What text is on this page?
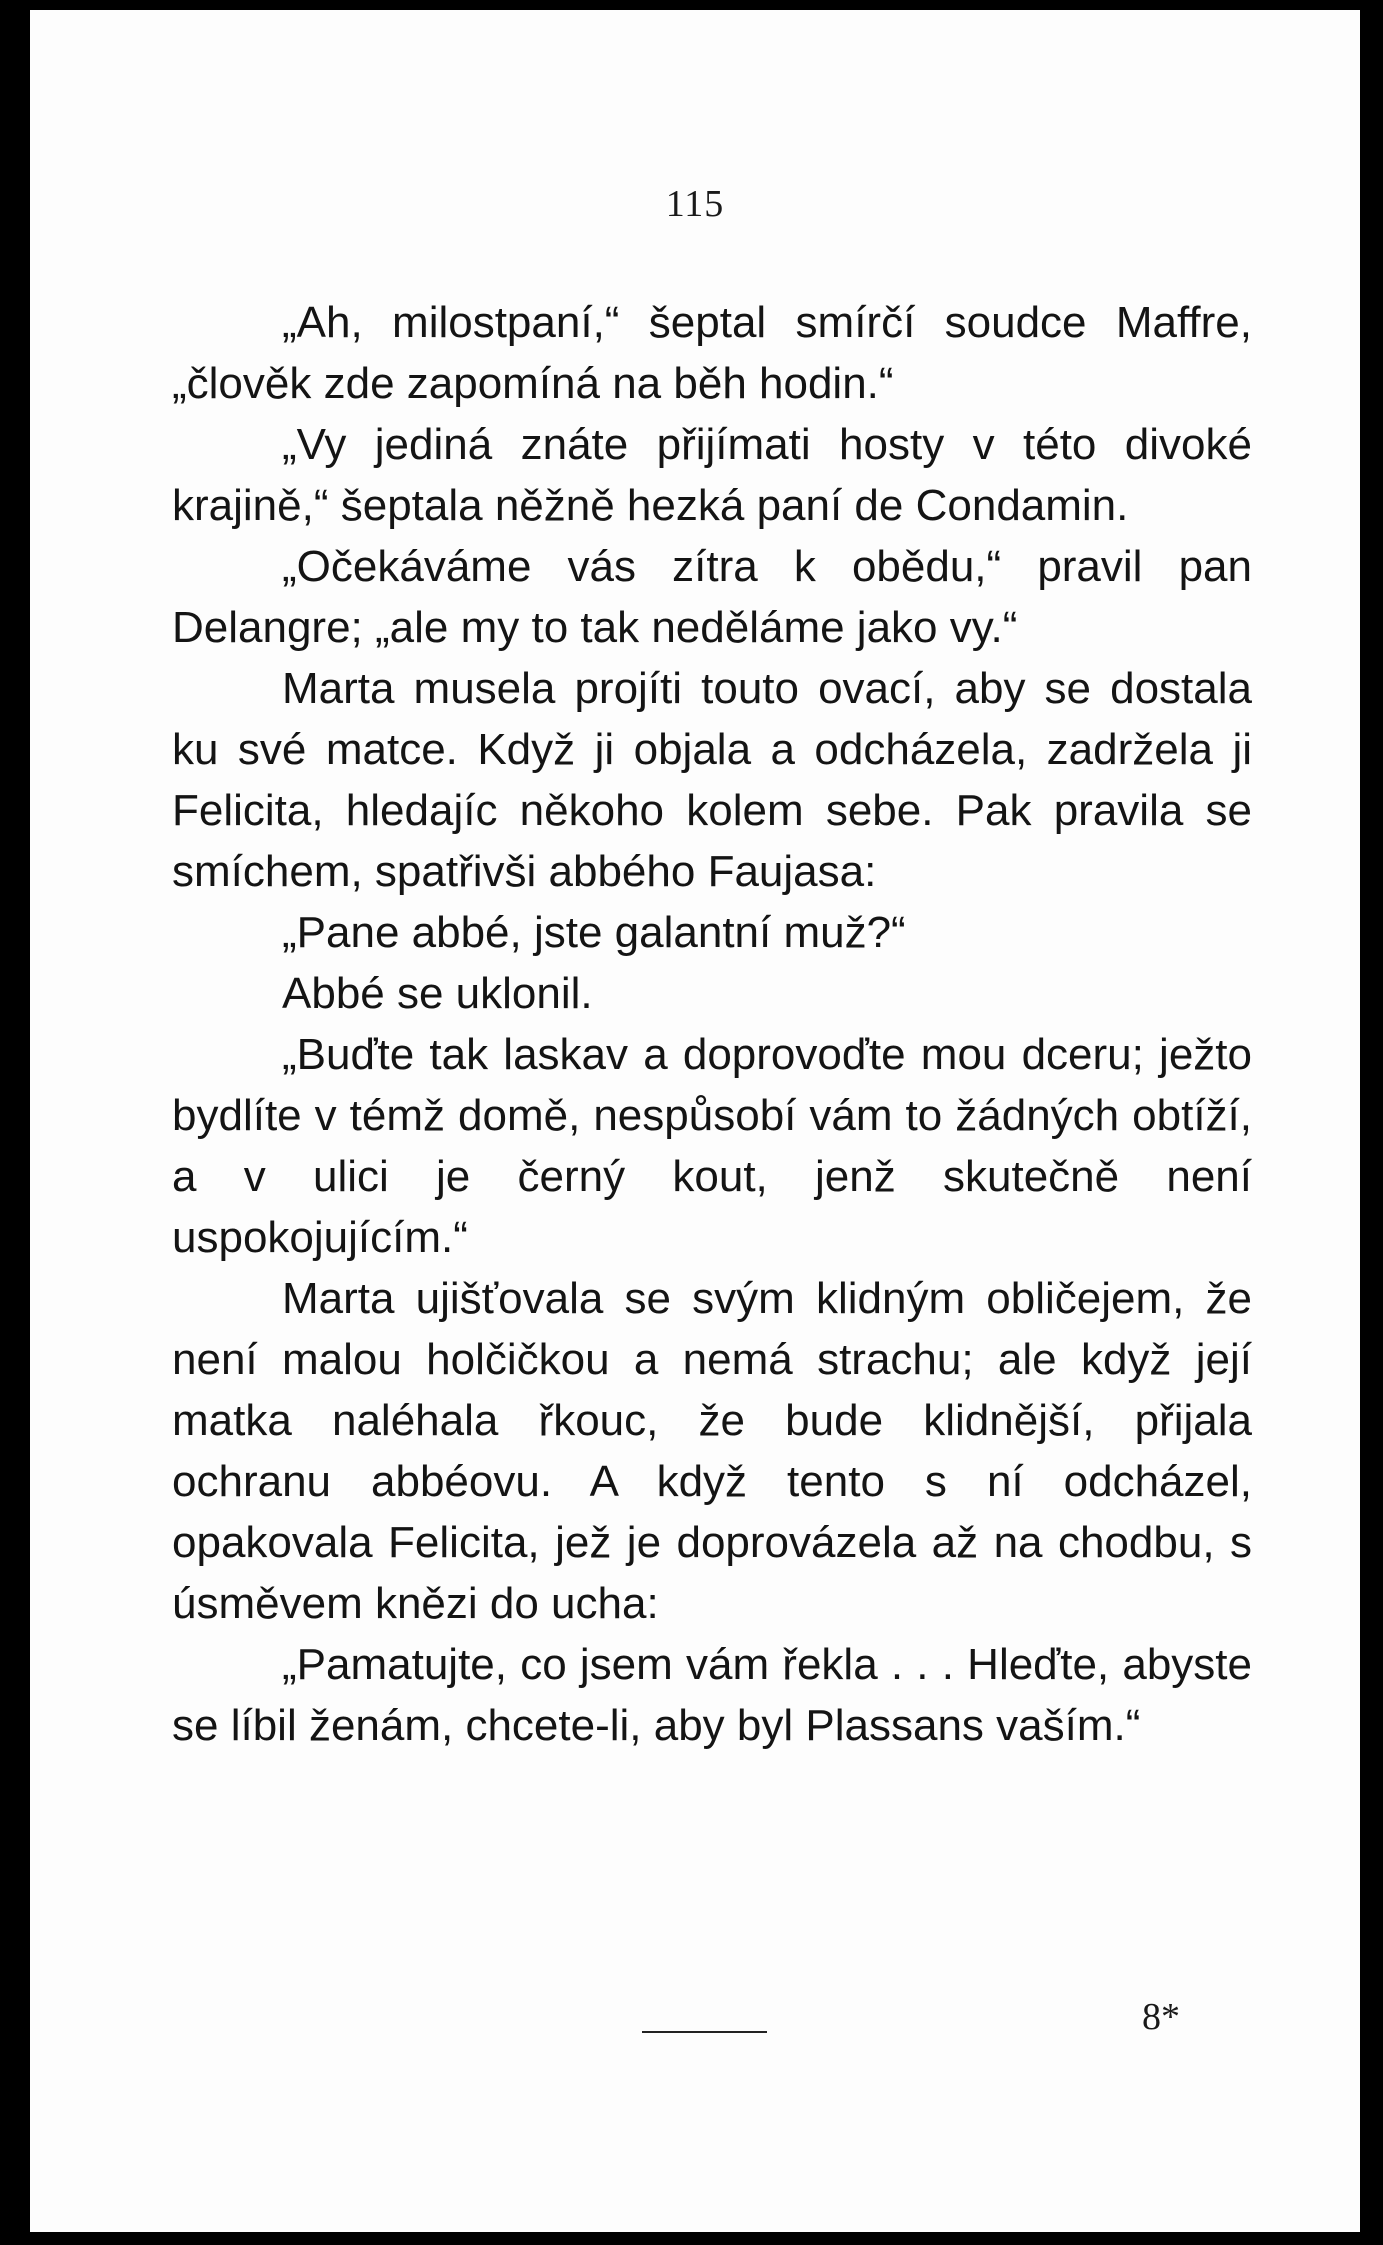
115

„Ah, milostpaní,“ šeptal smírčí soudce Maffre, „člověk zde zapomíná na běh hodin.“

„Vy jediná znáte přijímati hosty v této divoké krajině,“ šeptala něžně hezká paní de Condamin.

„Očekáváme vás zítra k obědu,“ pravil pan Delangre; „ale my to tak neděláme jako vy.“

Marta musela projíti touto ovací, aby se dostala ku své matce. Když ji objala a odcházela, zadržela ji Felicita, hledajíc někoho kolem sebe. Pak pravila se smíchem, spatřivši abbého Faujasa:

„Pane abbé, jste galantní muž?“

Abbé se uklonil.

„Buďte tak laskav a doprovoďte mou dceru; ježto bydlíte v témž domě, nespůsobí vám to žádných obtíží, a v ulici je černý kout, jenž skutečně není uspokojujícím.“

Marta ujišťovala se svým klidným obličejem, že není malou holčičkou a nemá strachu; ale když její matka naléhala řkouc, že bude klidnější, přijala ochranu abbéovu. A když tento s ní odcházel, opakovala Felicita, jež je doprovázela až na chodbu, s úsměvem knězi do ucha:

„Pamatujte, co jsem vám řekla . . . Hleďte, abyste se líbil ženám, chcete-li, aby byl Plassans vaším.“

8*
